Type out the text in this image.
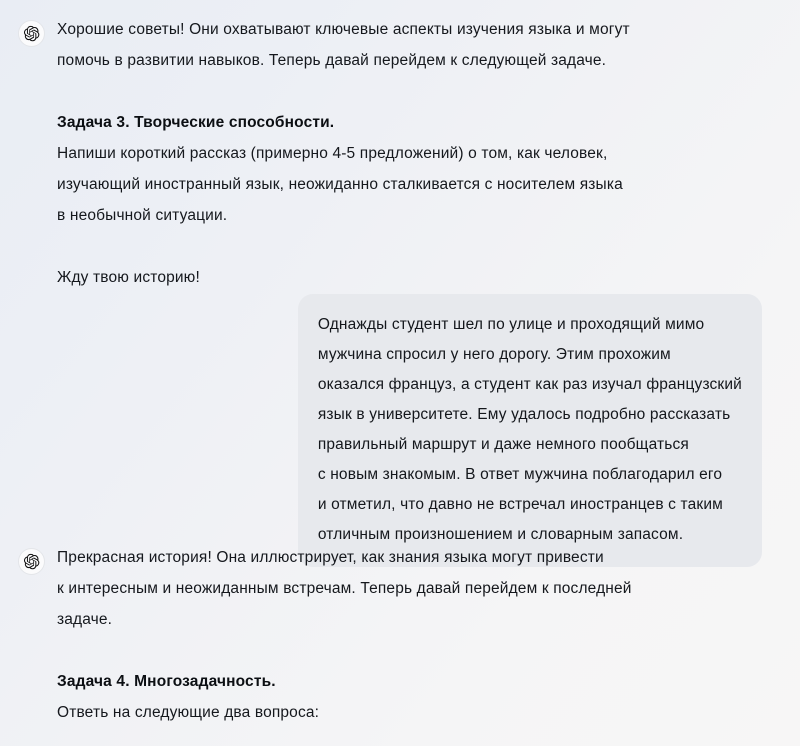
Хорошие советы! Они охватывают ключевые аспекты изучения языка и могут

помочь в развитии навыков. Теперь давай перейдем к следующей задаче.

Задача 3. Творческие способности.

Напиши короткий рассказ (примерно 4-5 предложений) о том, как человек,

изучающий иностранный язык, неожиданно сталкивается с носителем языка

в необычной ситуации.

Жду твою историю!

Однажды студент шел по улице и проходящий мимо

мужчина спросил у него дорогу. Этим прохожим

оказался француз, а студент как раз изучал французский

язык в университете. Ему удалось подробно рассказать

правильный маршрут и даже немного пообщаться

с новым знакомым. В ответ мужчина поблагодарил его

и отметил, что давно не встречал иностранцев с таким

отличным произношением и словарным запасом.

Прекрасная история! Она иллюстрирует, как знания языка могут привести

к интересным и неожиданным встречам. Теперь давай перейдем к последней

задаче.

Задача 4. Многозадачность.

Ответь на следующие два вопроса:
